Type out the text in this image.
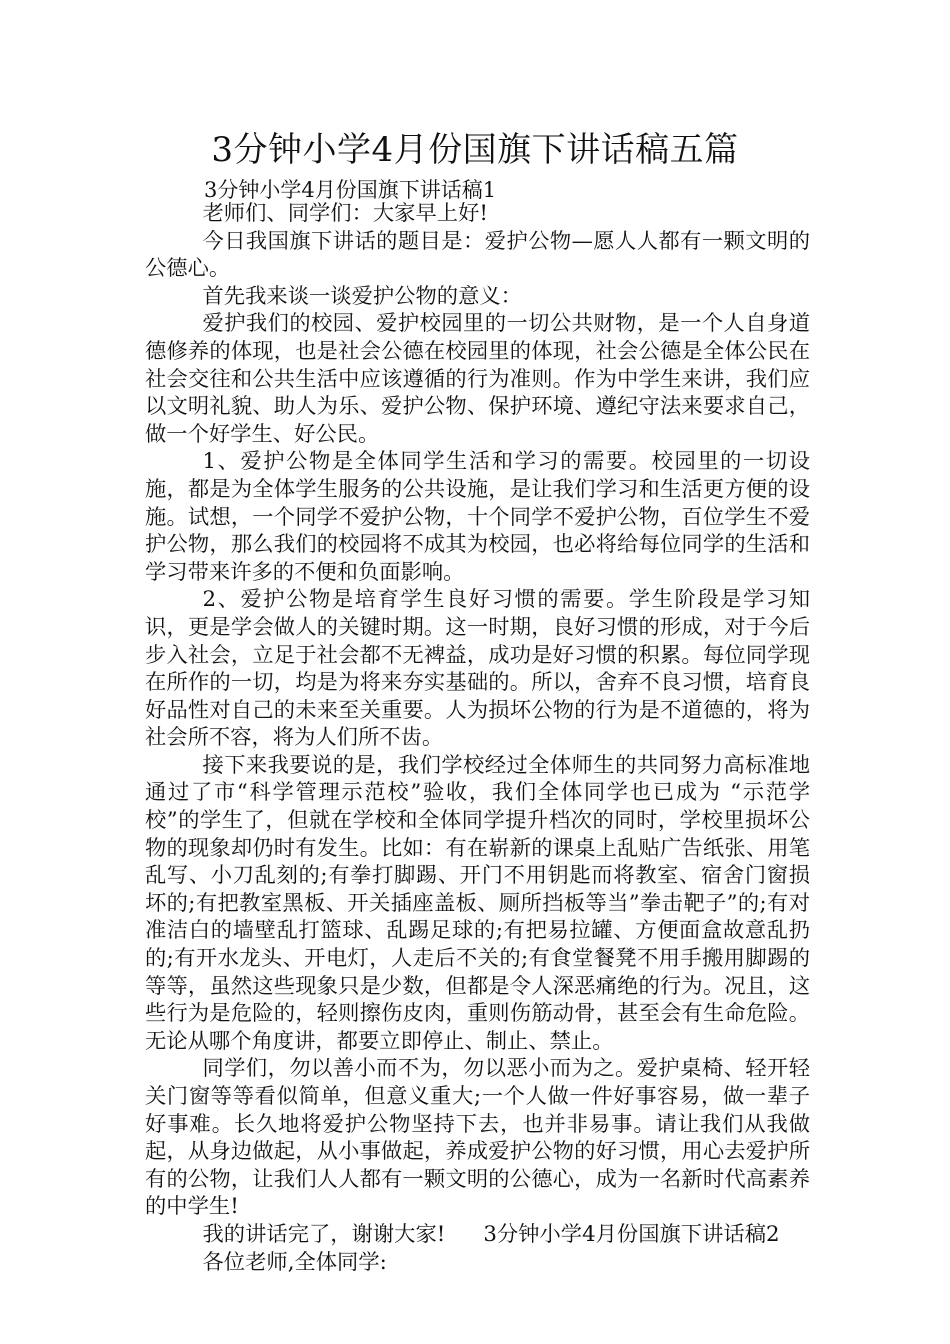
3分钟小学4月份国旗下讲话稿五篇
3分钟小学4月份国旗下讲话稿1

老师们、同学们：大家早上好!

今日我国旗下讲话的题目是：爱护公物—愿人人都有一颗文明的公德心。

首先我来谈一谈爱护公物的意义：

爱护我们的校园、爱护校园里的一切公共财物，是一个人自身道德修养的体现，也是社会公德在校园里的体现，社会公德是全体公民在社会交往和公共生活中应该遵循的行为准则。作为中学生来讲，我们应以文明礼貌、助人为乐、爱护公物、保护环境、遵纪守法来要求自己，做一个好学生、好公民。

1、爱护公物是全体同学生活和学习的需要。校园里的一切设施，都是为全体学生服务的公共设施，是让我们学习和生活更方便的设施。试想，一个同学不爱护公物，十个同学不爱护公物，百位学生不爱护公物，那么我们的校园将不成其为校园，也必将给每位同学的生活和学习带来许多的不便和负面影响。

2、爱护公物是培育学生良好习惯的需要。学生阶段是学习知识，更是学会做人的关键时期。这一时期，良好习惯的形成，对于今后步入社会，立足于社会都不无裨益，成功是好习惯的积累。每位同学现在所作的一切，均是为将来夯实基础的。所以，舍弃不良习惯，培育良好品性对自己的未来至关重要。人为损坏公物的行为是不道德的，将为社会所不容，将为人们所不齿。

接下来我要说的是，我们学校经过全体师生的共同努力高标准地通过了市“科学管理示范校”验收，我们全体同学也已成为 “示范学校”的学生了，但就在学校和全体同学提升档次的同时，学校里损坏公物的现象却仍时有发生。比如：有在崭新的课桌上乱贴广告纸张、用笔乱写、小刀乱刻的;有拳打脚踢、开门不用钥匙而将教室、宿舍门窗损坏的;有把教室黑板、开关插座盖板、厕所挡板等当”拳击靶子”的;有对准洁白的墙壁乱打篮球、乱踢足球的;有把易拉罐、方便面盒故意乱扔的;有开水龙头、开电灯，人走后不关的;有食堂餐凳不用手搬用脚踢的等等，虽然这些现象只是少数，但都是令人深恶痛绝的行为。况且，这些行为是危险的，轻则擦伤皮肉，重则伤筋动骨，甚至会有生命危险。无论从哪个角度讲，都要立即停止、制止、禁止。

同学们，勿以善小而不为，勿以恶小而为之。爱护桌椅、轻开轻关门窗等等看似简单，但意义重大;一个人做一件好事容易，做一辈子好事难。长久地将爱护公物坚持下去，也并非易事。请让我们从我做起，从身边做起，从小事做起，养成爱护公物的好习惯，用心去爱护所有的公物，让我们人人都有一颗文明的公德心，成为一名新时代高素养的中学生!

我的讲话完了，谢谢大家! 3分钟小学4月份国旗下讲话稿2

各位老师,全体同学:
